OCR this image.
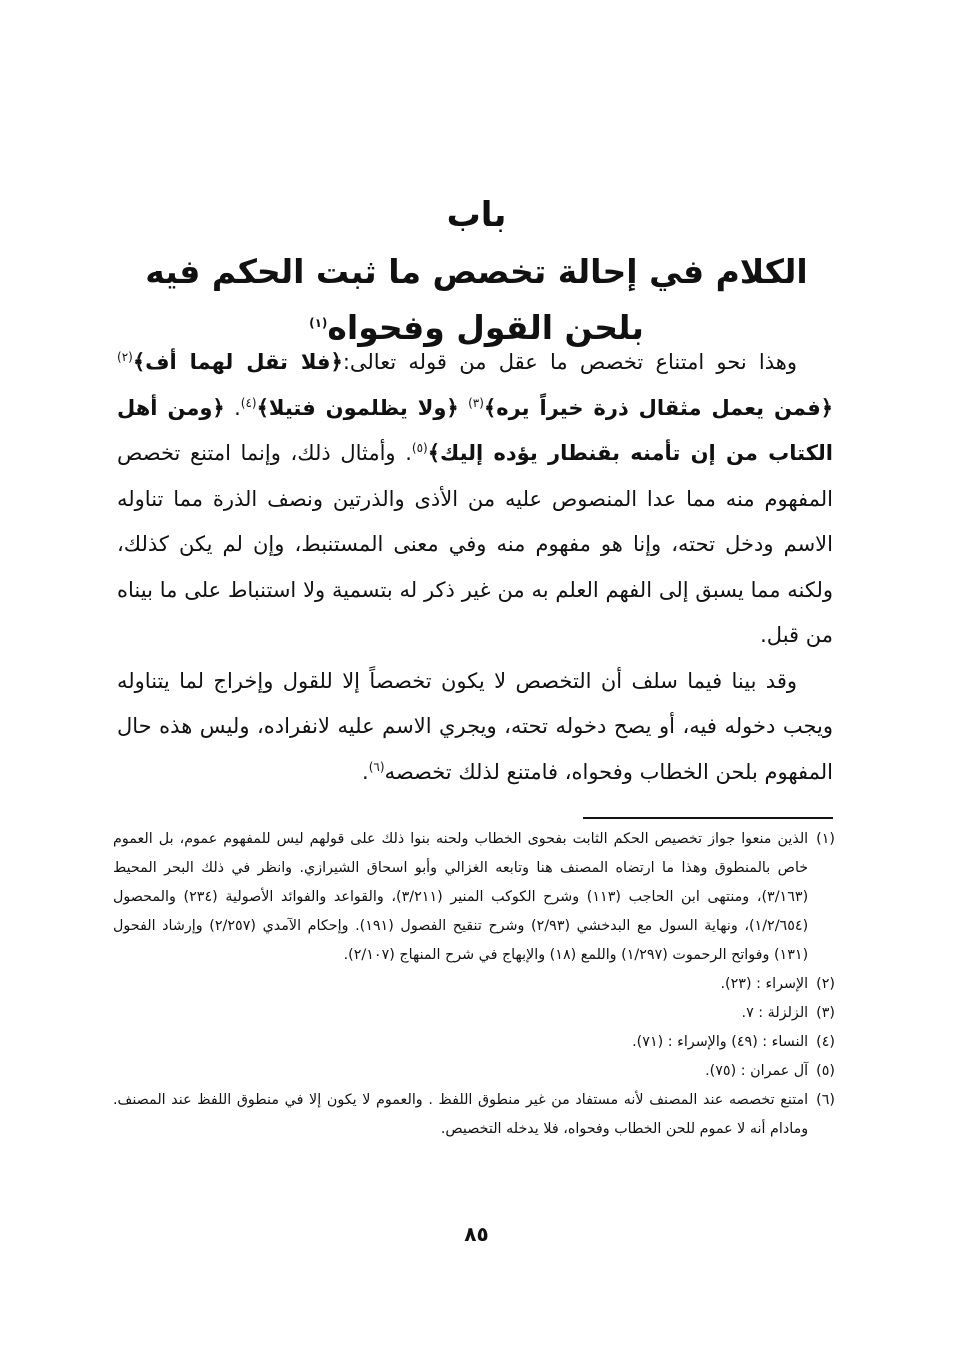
باب
الكلام في إحالة تخصص ما ثبت الحكم فيه
بلحن القول وفحواه$^{(١)}$

وهذا نحو امتناع تخصص ما عقل من قوله تعالى:﴿فلا تقل لهما أف﴾$^{(٢)}$ ﴿فمن يعمل مثقال ذرة خيراً يره﴾$^{(٣)}$ ﴿ولا يظلمون فتيلا﴾$^{(٤)}$. ﴿ومن أهل الكتاب من إن تأمنه بقنطار يؤده إليك﴾$^{(٥)}$. وأمثال ذلك، وإنما امتنع تخصص المفهوم منه مما عدا المنصوص عليه من الأذى والذرتين ونصف الذرة مما تناوله الاسم ودخل تحته، وإنا هو مفهوم منه وفي معنى المستنبط، وإن لم يكن كذلك، ولكنه مما يسبق إلى الفهم العلم به من غير ذكر له بتسمية ولا استنباط على ما بيناه من قبل.

وقد بينا فيما سلف أن التخصص لا يكون تخصصاً إلا للقول وإخراج لما يتناوله ويجب دخوله فيه، أو يصح دخوله تحته، ويجري الاسم عليه لانفراده، وليس هذه حال المفهوم بلحن الخطاب وفحواه، فامتنع لذلك تخصصه$^{(٦)}$.

(١)
الذين منعوا جواز تخصيص الحكم الثابت بفحوى الخطاب ولحنه بنوا ذلك على قولهم ليس للمفهوم عموم، بل العموم خاص بالمنطوق وهذا ما ارتضاه المصنف هنا وتابعه الغزالي وأبو اسحاق الشيرازي. وانظر في ذلك البحر المحيط (٣/١٦٣)، ومنتهى ابن الحاجب (١١٣) وشرح الكوكب المنير (٣/٢١١)، والقواعد والفوائد الأصولية (٢٣٤) والمحصول (١/٢/٦٥٤)، ونهاية السول مع البدخشي (٢/٩٣) وشرح تنقيح الفصول (١٩١). وإحكام الآمدي (٢/٢٥٧) وإرشاد الفحول (١٣١) وفواتح الرحموت (١/٢٩٧) واللمع (١٨) والإبهاج في شرح المنهاج (٢/١٠٧).
(٢)
الإسراء : (٢٣).
(٣)
الزلزلة : ٧.
(٤)
النساء : (٤٩) والإسراء : (٧١).
(٥)
آل عمران : (٧٥).
(٦)
امتنع تخصصه عند المصنف لأنه مستفاد من غير منطوق اللفظ . والعموم لا يكون إلا في منطوق اللفظ عند المصنف. ومادام أنه لا عموم للحن الخطاب وفحواه، فلا يدخله التخصيص.
٨٥
